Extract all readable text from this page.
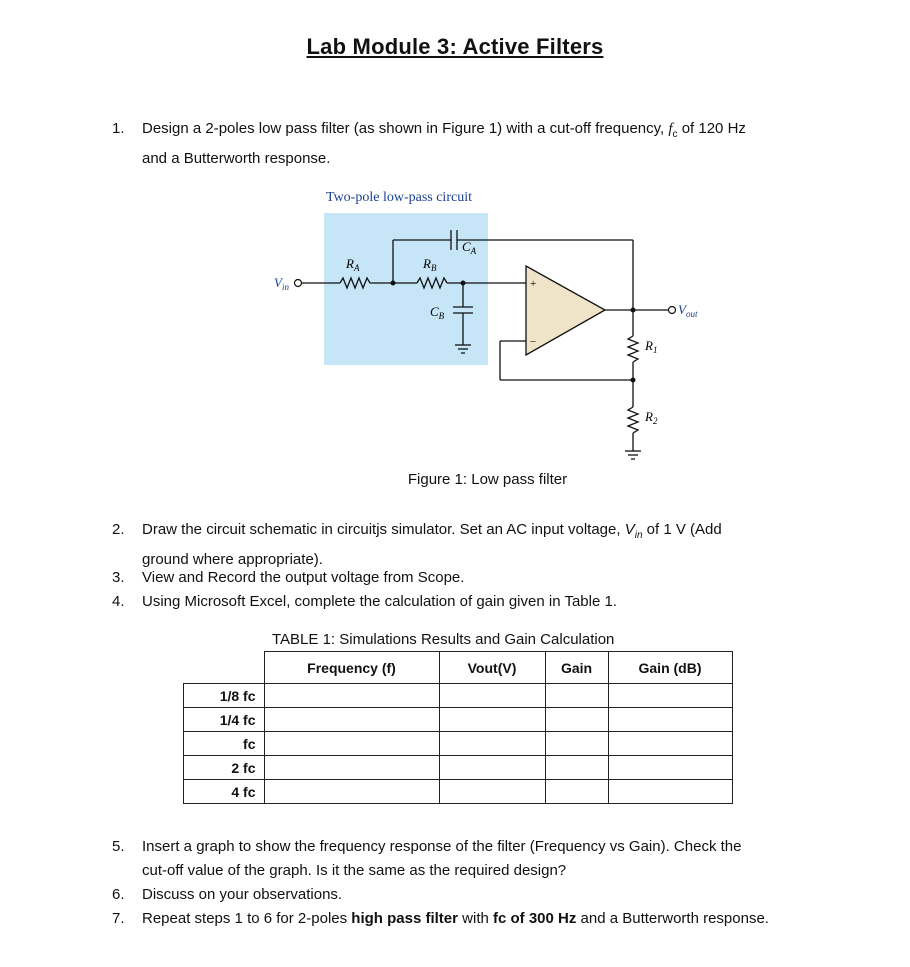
Lab Module 3: Active Filters
1. Design a 2-poles low pass filter (as shown in Figure 1) with a cut-off frequency, $f_c$ of 120 Hz
and a Butterworth response.
Two-pole low-pass circuit
$R_A$	$R_B$
$C_A$
$C_B$
$V_{in}$
$V_{out}$
$R_1$
$R_2$
+
−
Figure 1: Low pass filter
2. Draw the circuit schematic in circuitjs simulator. Set an AC input voltage, $V_{in}$ of 1 V (Add
ground where appropriate).
3. View and Record the output voltage from Scope.
4. Using Microsoft Excel, complete the calculation of gain given in Table 1.
TABLE 1: Simulations Results and Gain Calculation
	Frequency (f)	Vout(V)	Gain	Gain (dB)
1/8 fc				
1/4 fc				
fc				
2 fc				
4 fc				
5. Insert a graph to show the frequency response of the filter (Frequency vs Gain). Check the
cut-off value of the graph. Is it the same as the required design?
6. Discuss on your observations.
7. Repeat steps 1 to 6 for 2-poles high pass filter with fc of 300 Hz and a Butterworth response.
